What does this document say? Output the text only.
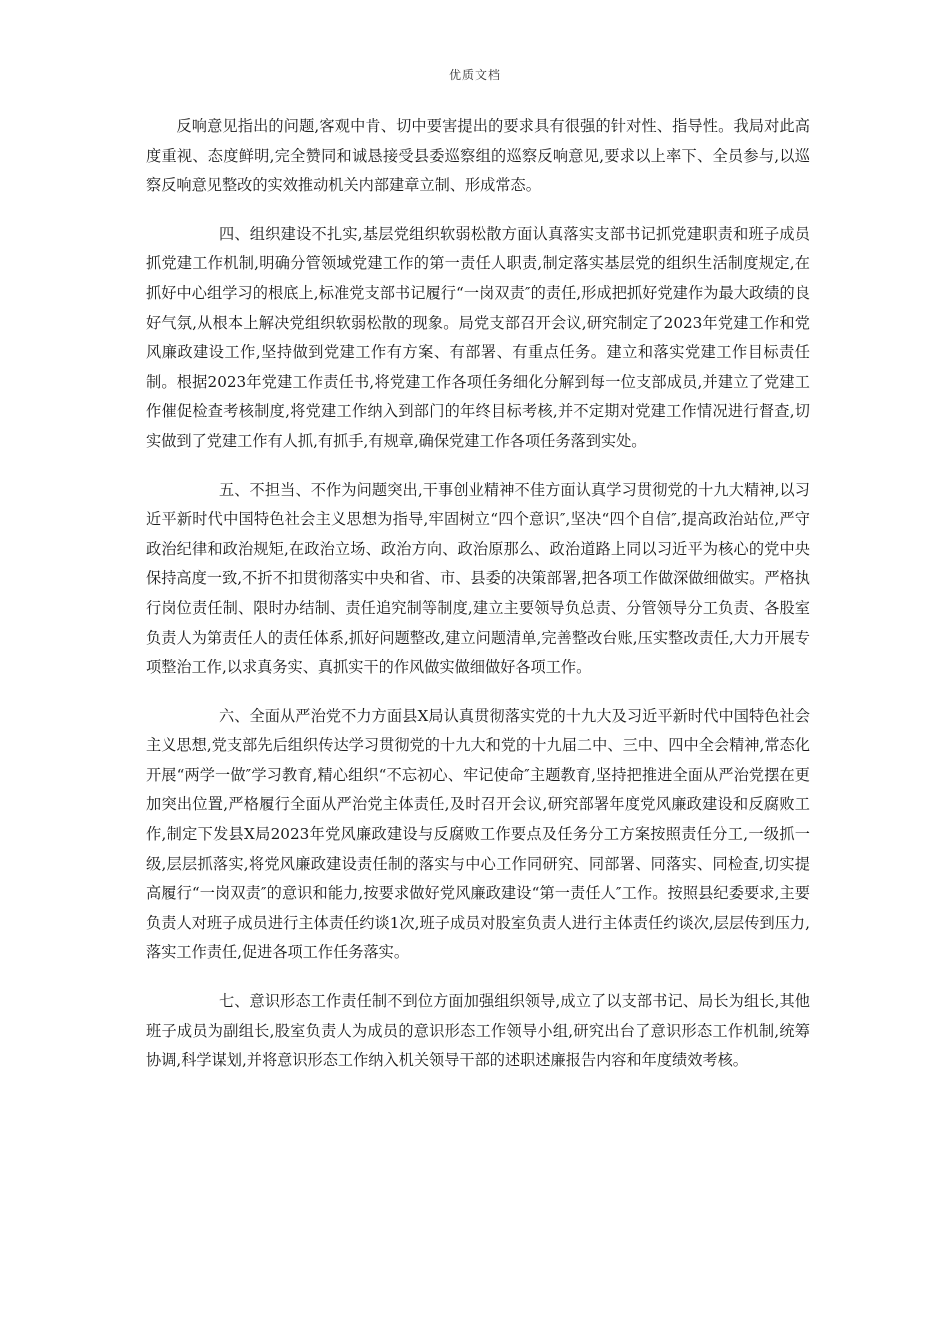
优质文档

反响意见指出的问题,客观中肯、切中要害提出的要求具有很强的针对性、指导性。我局对此高度重视、态度鲜明,完全赞同和诚恳接受县委巡察组的巡察反响意见,要求以上率下、全员参与,以巡察反响意见整改的实效推动机关内部建章立制、形成常态。

四、组织建设不扎实,基层党组织软弱松散方面认真落实支部书记抓党建职责和班子成员抓党建工作机制,明确分管领域党建工作的第一责任人职责,制定落实基层党的组织生活制度规定,在抓好中心组学习的根底上,标准党支部书记履行“一岗双责″的责任,形成把抓好党建作为最大政绩的良好气氛,从根本上解决党组织软弱松散的现象。局党支部召开会议,研究制定了2023年党建工作和党风廉政建设工作,坚持做到党建工作有方案、有部署、有重点任务。建立和落实党建工作目标责任制。根据2023年党建工作责任书,将党建工作各项任务细化分解到每一位支部成员,并建立了党建工作催促检查考核制度,将党建工作纳入到部门的年终目标考核,并不定期对党建工作情况进行督查,切实做到了党建工作有人抓,有抓手,有规章,确保党建工作各项任务落到实处。

五、不担当、不作为问题突出,干事创业精神不佳方面认真学习贯彻党的十九大精神,以习近平新时代中国特色社会主义思想为指导,牢固树立“四个意识″,坚决“四个自信″,提高政治站位,严守政治纪律和政治规矩,在政治立场、政治方向、政治原那么、政治道路上同以习近平为核心的党中央保持高度一致,不折不扣贯彻落实中央和省、市、县委的决策部署,把各项工作做深做细做实。严格执行岗位责任制、限时办结制、责任追究制等制度,建立主要领导负总责、分管领导分工负责、各股室负责人为第责任人的责任体系,抓好问题整改,建立问题清单,完善整改台账,压实整改责任,大力开展专项整治工作,以求真务实、真抓实干的作风做实做细做好各项工作。

六、全面从严治党不力方面县X局认真贯彻落实党的十九大及习近平新时代中国特色社会主义思想,党支部先后组织传达学习贯彻党的十九大和党的十九届二中、三中、四中全会精神,常态化开展“两学一做″学习教育,精心组织“不忘初心、牢记使命″主题教育,坚持把推进全面从严治党摆在更加突出位置,严格履行全面从严治党主体责任,及时召开会议,研究部署年度党风廉政建设和反腐败工作,制定下发县X局2023年党风廉政建设与反腐败工作要点及任务分工方案按照责任分工,一级抓一级,层层抓落实,将党风廉政建设责任制的落实与中心工作同研究、同部署、同落实、同检查,切实提高履行“一岗双责″的意识和能力,按要求做好党风廉政建设“第一责任人″工作。按照县纪委要求,主要负责人对班子成员进行主体责任约谈1次,班子成员对股室负责人进行主体责任约谈次,层层传到压力,落实工作责任,促进各项工作任务落实。

七、意识形态工作责任制不到位方面加强组织领导,成立了以支部书记、局长为组长,其他班子成员为副组长,股室负责人为成员的意识形态工作领导小组,研究出台了意识形态工作机制,统筹协调,科学谋划,并将意识形态工作纳入机关领导干部的述职述廉报告内容和年度绩效考核。
